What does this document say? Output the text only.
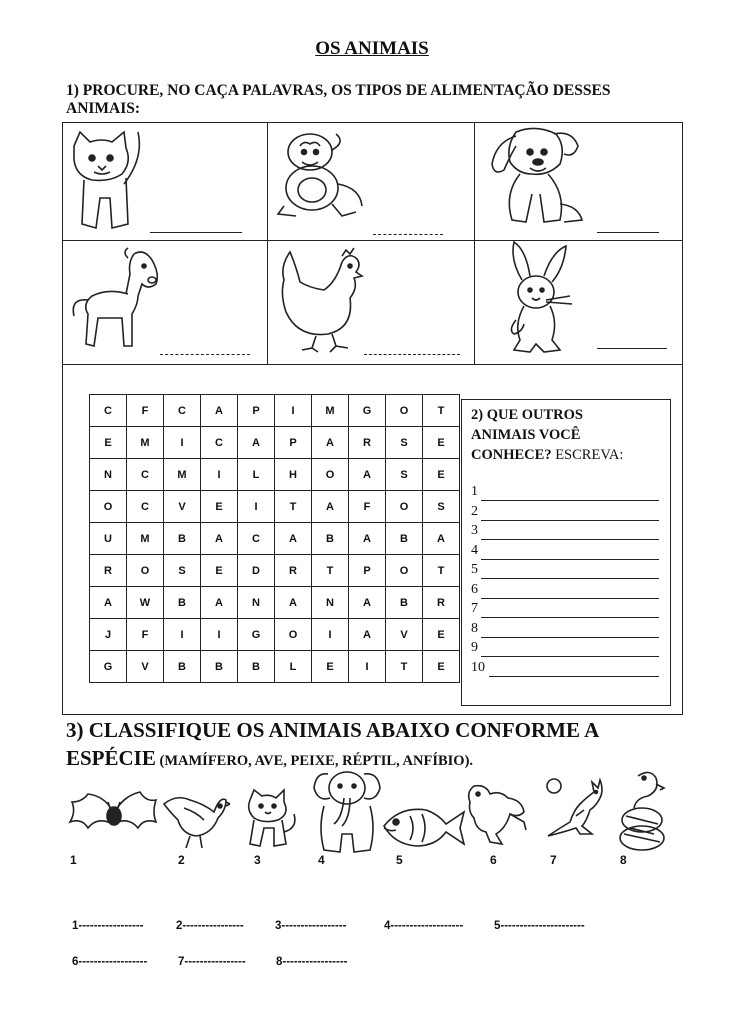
OS ANIMAIS
1) PROCURE, NO CAÇA PALAVRAS, OS TIPOS DE ALIMENTAÇÃO DESSES ANIMAIS:
C	F	C	A	P	I	M	G	O	T
E	M	I	C	A	P	A	R	S	E
N	C	M	I	L	H	O	A	S	E
O	C	V	E	I	T	A	F	O	S
U	M	B	A	C	A	B	A	B	A
R	O	S	E	D	R	T	P	O	T
A	W	B	A	N	A	N	A	B	R
J	F	I	I	G	O	I	A	V	E
G	V	B	B	B	L	E	I	T	E
2) QUE OUTROS
ANIMAIS VOCÊ
CONHECE? ESCREVA:
1
2
3
4
5
6
7
8
9
10
3) CLASSIFIQUE OS ANIMAIS ABAIXO CONFORME A
ESPÉCIE (MAMÍFERO, AVE, PEIXE, RÉPTIL, ANFÍBIO).
1	2	3	4	5	6	7	8
1-----------------	2----------------	3-----------------	4-------------------	5----------------------
6------------------	7----------------	8-----------------
